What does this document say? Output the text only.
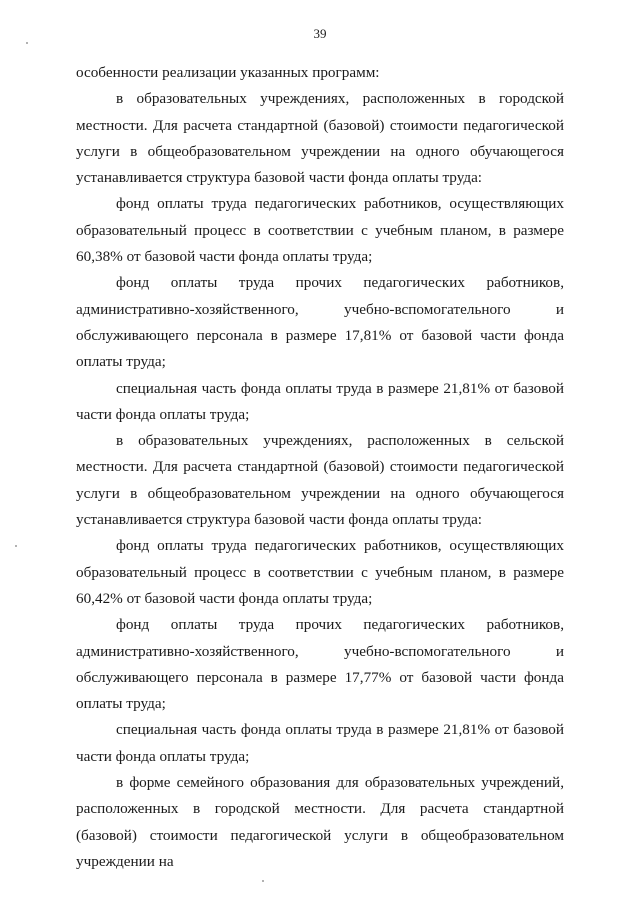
39

особенности реализации указанных программ:

в образовательных учреждениях, расположенных в городской местности. Для расчета стандартной (базовой) стоимости педагогической услуги в общеобразовательном учреждении на одного обучающегося устанавливается структура базовой части фонда оплаты труда:

фонд оплаты труда педагогических работников, осуществляющих образовательный процесс в соответствии с учебным планом, в размере 60,38% от базовой части фонда оплаты труда;

фонд оплаты труда прочих педагогических работников, административно-хозяйственного, учебно-вспомогательного и обслуживающего персонала в размере 17,81% от базовой части фонда оплаты труда;

специальная часть фонда оплаты труда в размере 21,81% от базовой части фонда оплаты труда;

в образовательных учреждениях, расположенных в сельской местности. Для расчета стандартной (базовой) стоимости педагогической услуги в общеобразовательном учреждении на одного обучающегося устанавливается структура базовой части фонда оплаты труда:

фонд оплаты труда педагогических работников, осуществляющих образовательный процесс в соответствии с учебным планом, в размере 60,42% от базовой части фонда оплаты труда;

фонд оплаты труда прочих педагогических работников, административно-хозяйственного, учебно-вспомогательного и обслуживающего персонала в размере 17,77% от базовой части фонда оплаты труда;

специальная часть фонда оплаты труда в размере 21,81% от базовой части фонда оплаты труда;

в форме семейного образования для образовательных учреждений, расположенных в городской местности. Для расчета стандартной (базовой) стоимости педагогической услуги в общеобразовательном учреждении на
